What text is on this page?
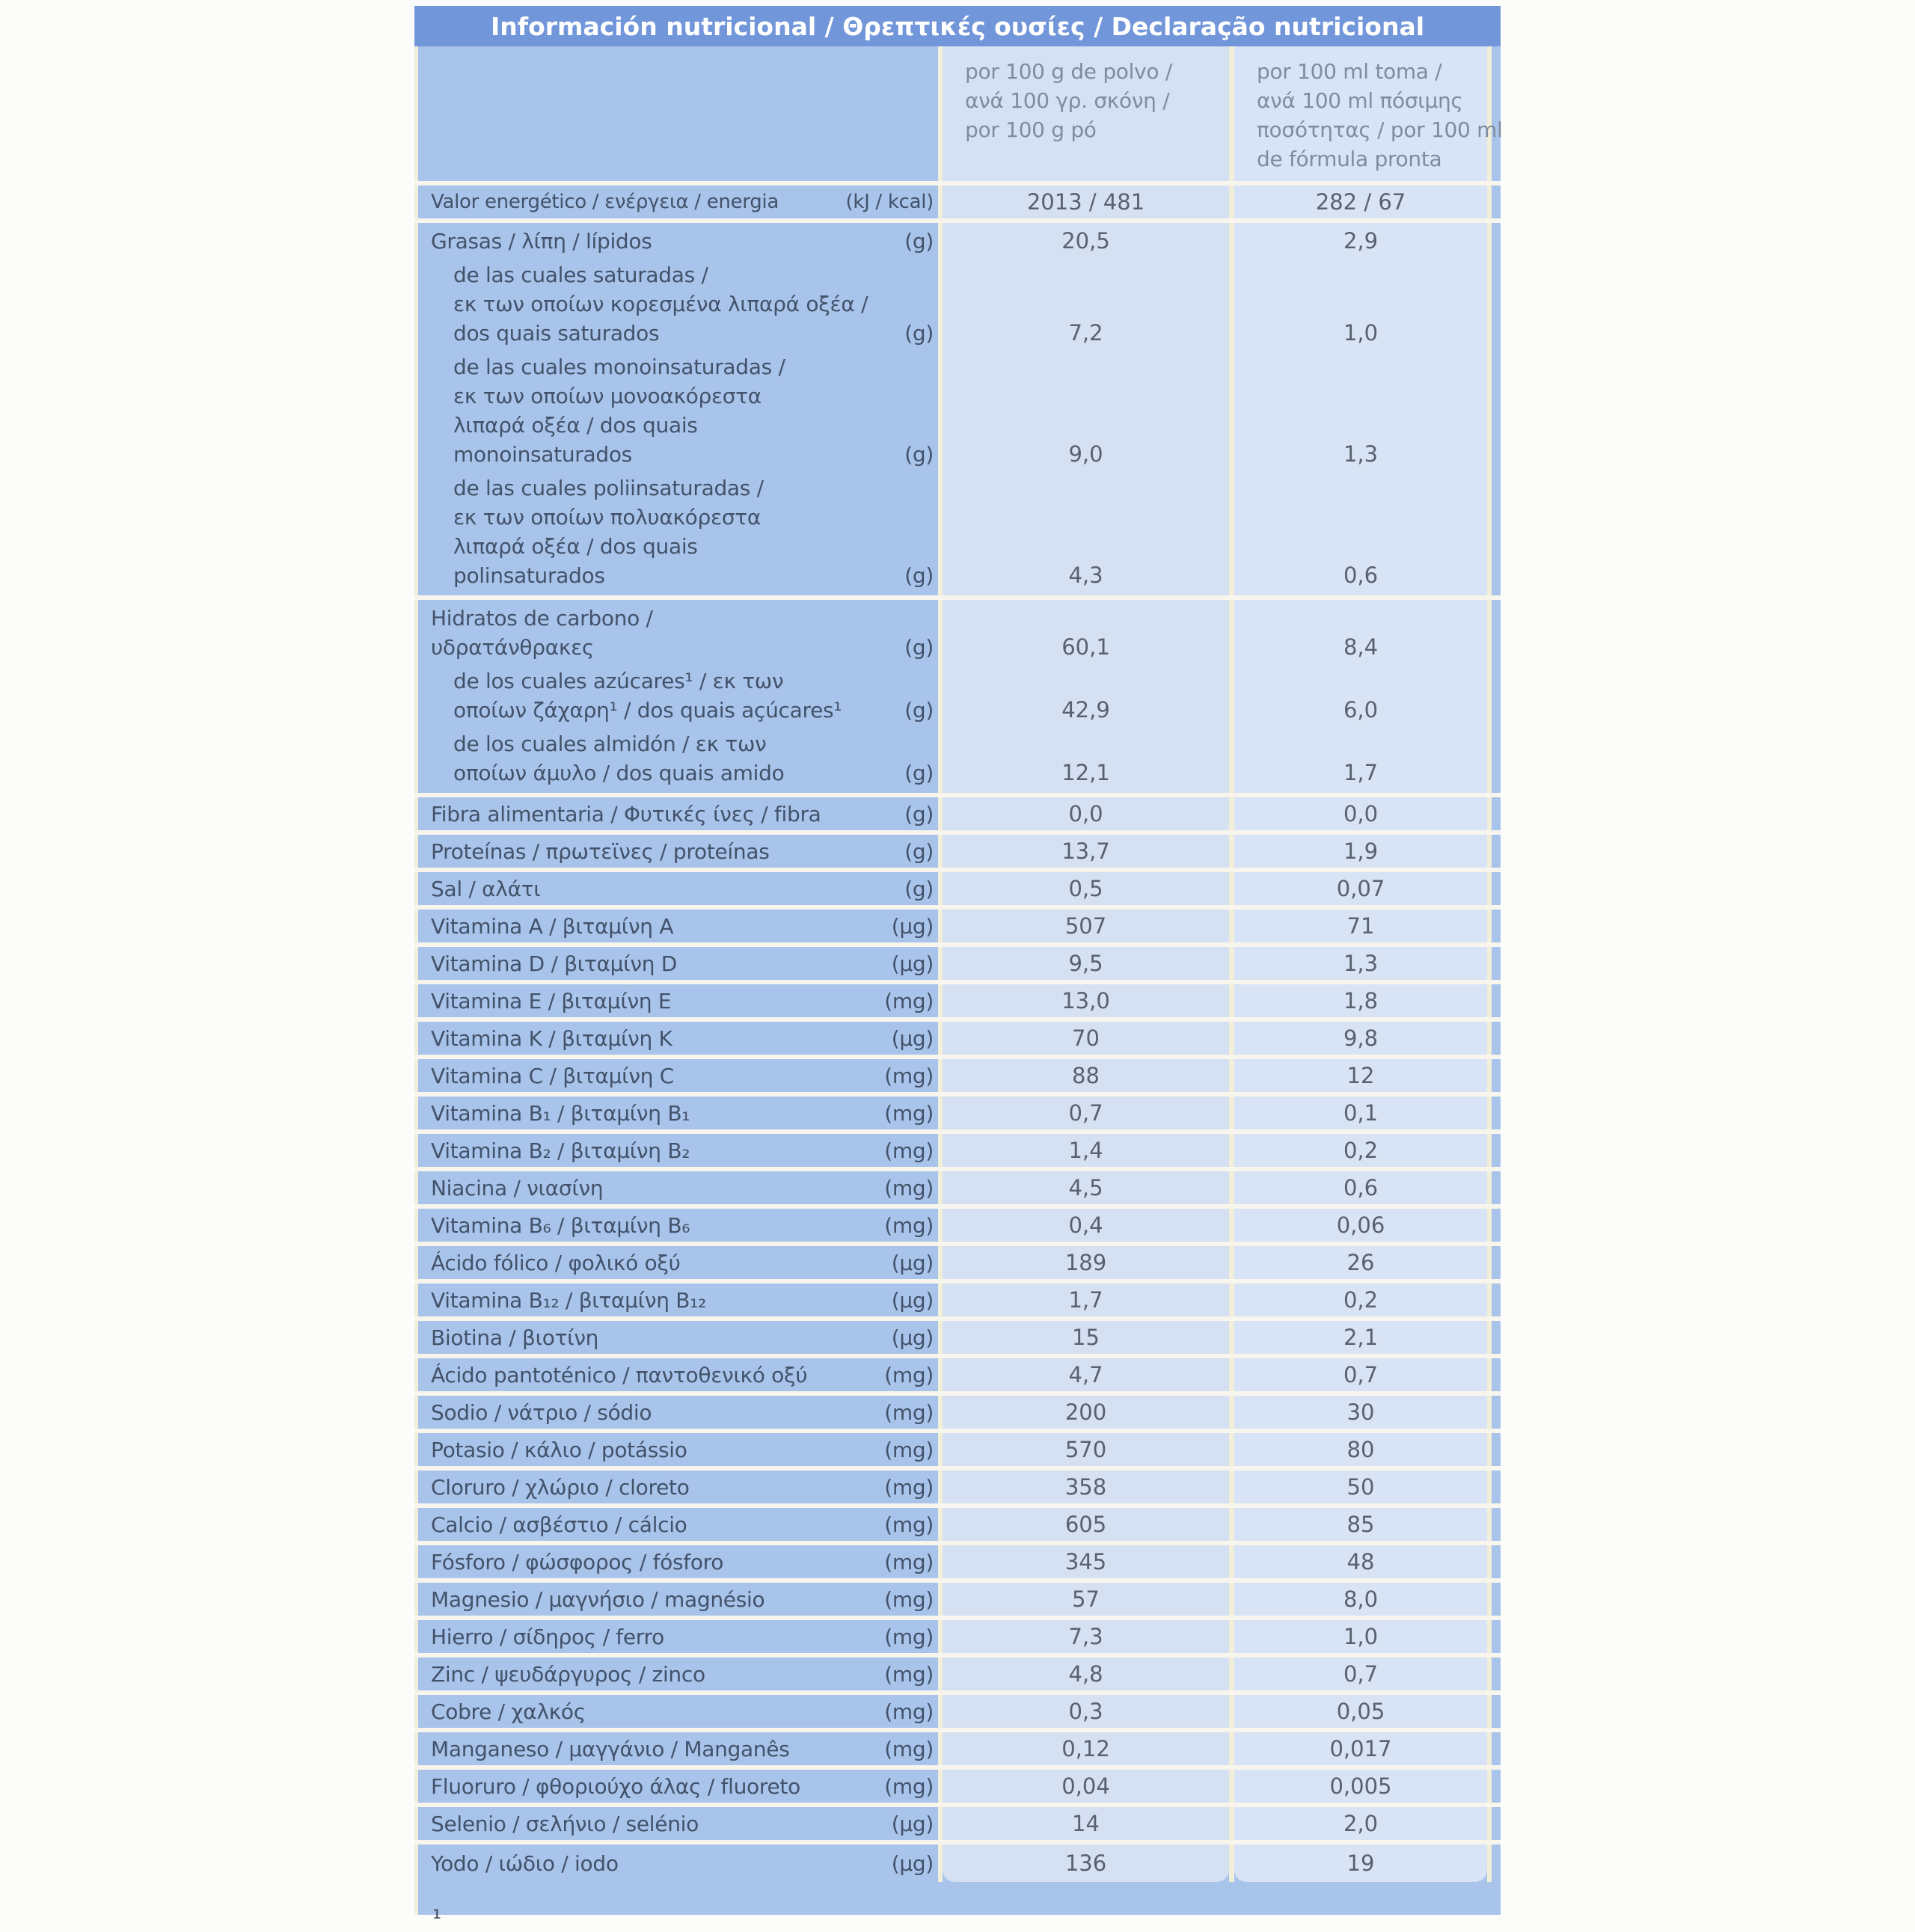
Información nutricional / Θρεπτικές ουσίες / Declaração nutricional
por 100 g de polvo /
ανά 100 γρ. σκόνη /
por 100 g pó
por 100 ml toma /
ανά 100 ml πόσιμης
ποσότητας / por 100 ml
de fórmula pronta
Valor energético / ενέργεια / energia	(kJ / kcal)	2013 / 481	282 / 67
Grasas / λίπη / lípidos	(g)	20,5	2,9
de las cuales saturadas /
εκ των οποίων κορεσμένα λιπαρά οξέα /
dos quais saturados	(g)	7,2	1,0
de las cuales monoinsaturadas /
εκ των οποίων μονοακόρεστα
λιπαρά οξέα / dos quais
monoinsaturados	(g)	9,0	1,3
de las cuales poliinsaturadas /
εκ των οποίων πολυακόρεστα
λιπαρά οξέα / dos quais
polinsaturados	(g)	4,3	0,6
Hidratos de carbono /
υδρατάνθρακες	(g)	60,1	8,4
de los cuales azúcares¹ / εκ των
οποίων ζάχαρη¹ / dos quais açúcares¹	(g)	42,9	6,0
de los cuales almidón / εκ των
οποίων άμυλο / dos quais amido	(g)	12,1	1,7
Fibra alimentaria / Φυτικές ίνες / fibra	(g)	0,0	0,0
Proteínas / πρωτεϊνες / proteínas	(g)	13,7	1,9
Sal / αλάτι	(g)	0,5	0,07
Vitamina A / βιταμίνη A	(µg)	507	71
Vitamina D / βιταμίνη D	(µg)	9,5	1,3
Vitamina E / βιταμίνη E	(mg)	13,0	1,8
Vitamina K / βιταμίνη K	(µg)	70	9,8
Vitamina C / βιταμίνη C	(mg)	88	12
Vitamina B₁ / βιταμίνη B₁	(mg)	0,7	0,1
Vitamina B₂ / βιταμίνη B₂	(mg)	1,4	0,2
Niacina / νιασίνη	(mg)	4,5	0,6
Vitamina B₆ / βιταμίνη B₆	(mg)	0,4	0,06
Ácido fólico / φολικό οξύ	(µg)	189	26
Vitamina B₁₂ / βιταμίνη B₁₂	(µg)	1,7	0,2
Biotina / βιοτίνη	(µg)	15	2,1
Ácido pantoténico / παντοθενικό οξύ	(mg)	4,7	0,7
Sodio / νάτριο / sódio	(mg)	200	30
Potasio / κάλιο / potássio	(mg)	570	80
Cloruro / χλώριο / cloreto	(mg)	358	50
Calcio / ασβέστιο / cálcio	(mg)	605	85
Fósforo / φώσφορος / fósforo	(mg)	345	48
Magnesio / μαγνήσιο / magnésio	(mg)	57	8,0
Hierro / σίδηρος / ferro	(mg)	7,3	1,0
Zinc / ψευδάργυρος / zinco	(mg)	4,8	0,7
Cobre / χαλκός	(mg)	0,3	0,05
Manganeso / μαγγάνιο / Manganês	(mg)	0,12	0,017
Fluoruro / φθοριούχο άλας / fluoreto	(mg)	0,04	0,005
Selenio / σελήνιο / selénio	(µg)	14	2,0
Yodo / ιώδιο / iodo	(µg)	136	19
¹
